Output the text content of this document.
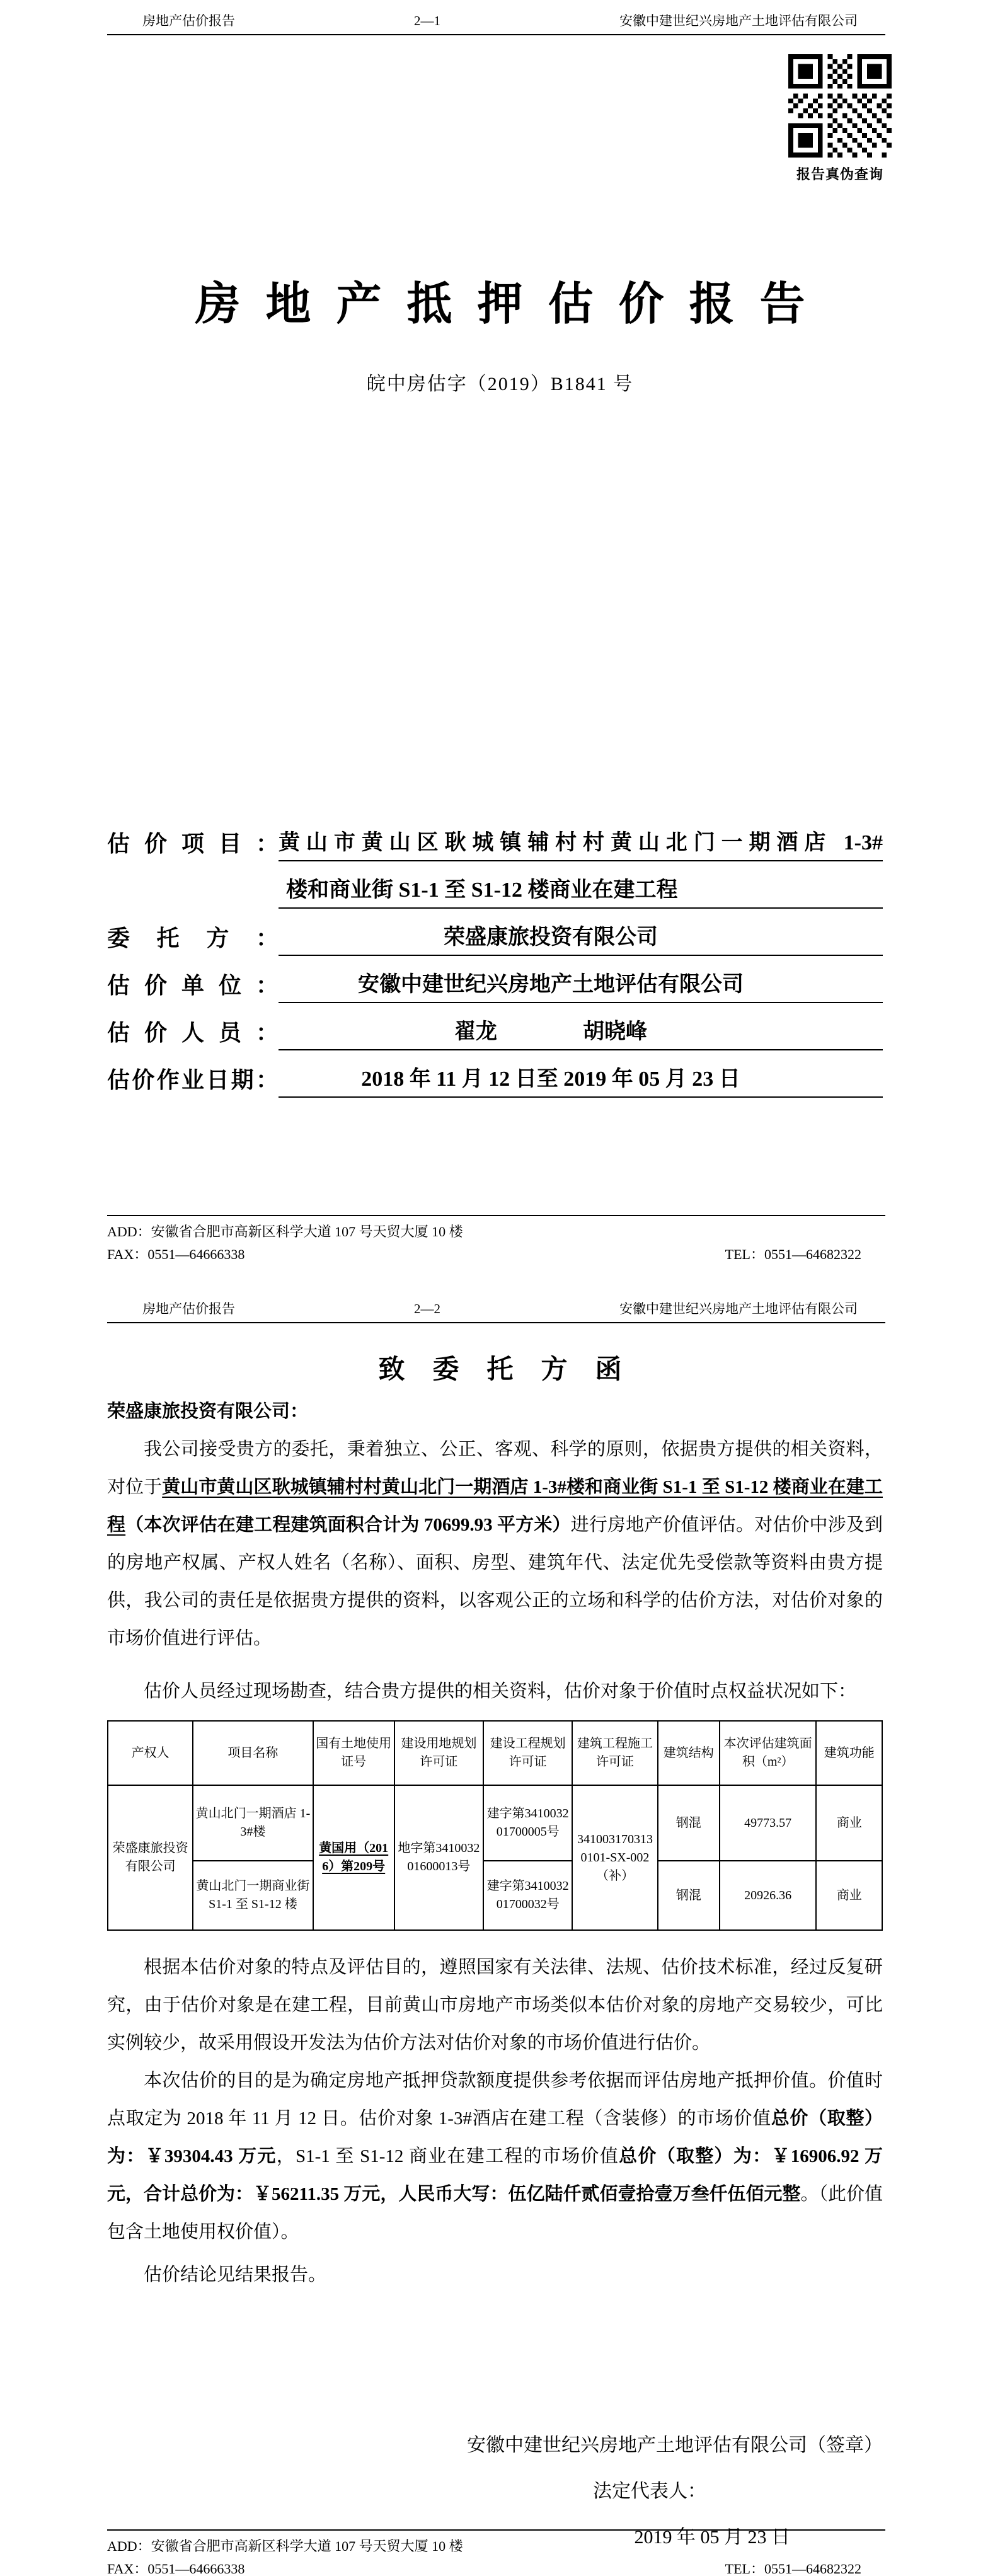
房地产估价报告	2—1	安徽中建世纪兴房地产土地评估有限公司
报告真伪查询
房地产抵押估价报告
皖中房估字（2019）B1841 号
估价项目： 黄山市黄山区耿城镇辅村村黄山北门一期酒店 1-3#
楼和商业街 S1-1 至 S1-12 楼商业在建工程
委托方：	荣盛康旅投资有限公司
估价单位：	安徽中建世纪兴房地产土地评估有限公司
估价人员：	翟龙　　　　胡晓峰
估价作业日期：	2018 年 11 月 12 日至 2019 年 05 月 23 日
ADD：安徽省合肥市高新区科学大道 107 号天贸大厦 10 楼
FAX：0551—64666338	TEL：0551—64682322
房地产估价报告	2—2	安徽中建世纪兴房地产土地评估有限公司
致委托方函
荣盛康旅投资有限公司：

我公司接受贵方的委托，秉着独立、公正、客观、科学的原则，依据贵方提供的相关资料，对位于黄山市黄山区耿城镇辅村村黄山北门一期酒店 1-3#楼和商业街 S1-1 至 S1-12 楼商业在建工程（本次评估在建工程建筑面积合计为 70699.93 平方米）进行房地产价值评估。对估价中涉及到的房地产权属、产权人姓名（名称）、面积、房型、建筑年代、法定优先受偿款等资料由贵方提供，我公司的责任是依据贵方提供的资料，以客观公正的立场和科学的估价方法，对估价对象的市场价值进行评估。

估价人员经过现场勘查，结合贵方提供的相关资料，估价对象于价值时点权益状况如下：

产权人	项目名称	国有土地使用证号	建设用地规划许可证	建设工程规划许可证	建筑工程施工许可证	建筑结构	本次评估建筑面积（m²）	建筑功能
荣盛康旅投资有限公司	黄山北门一期酒店 1-3#楼	黄国用（2016）第209号	地字第341003201600013号	建字第341003201700005号	3410031703130101-SX-002（补）	钢混	49773.57	商业
	黄山北门一期商业街 S1-1 至 S1-12 楼			建字第341003201700032号		钢混	20926.36	商业

根据本估价对象的特点及评估目的，遵照国家有关法律、法规、估价技术标准，经过反复研究，由于估价对象是在建工程，目前黄山市房地产市场类似本估价对象的房地产交易较少，可比实例较少，故采用假设开发法为估价方法对估价对象的市场价值进行估价。

本次估价的目的是为确定房地产抵押贷款额度提供参考依据而评估房地产抵押价值。价值时点取定为 2018 年 11 月 12 日。估价对象 1-3#酒店在建工程（含装修）的市场价值总价（取整）为：￥39304.43 万元，S1-1 至 S1-12 商业在建工程的市场价值总价（取整）为：￥16906.92 万元，合计总价为：￥56211.35 万元，人民币大写：伍亿陆仟贰佰壹拾壹万叁仟伍佰元整。（此价值包含土地使用权价值）。

估价结论见结果报告。

安徽中建世纪兴房地产土地评估有限公司（签章）
法定代表人：
2019 年 05 月 23 日
ADD：安徽省合肥市高新区科学大道 107 号天贸大厦 10 楼
FAX：0551—64666338	TEL：0551—64682322
